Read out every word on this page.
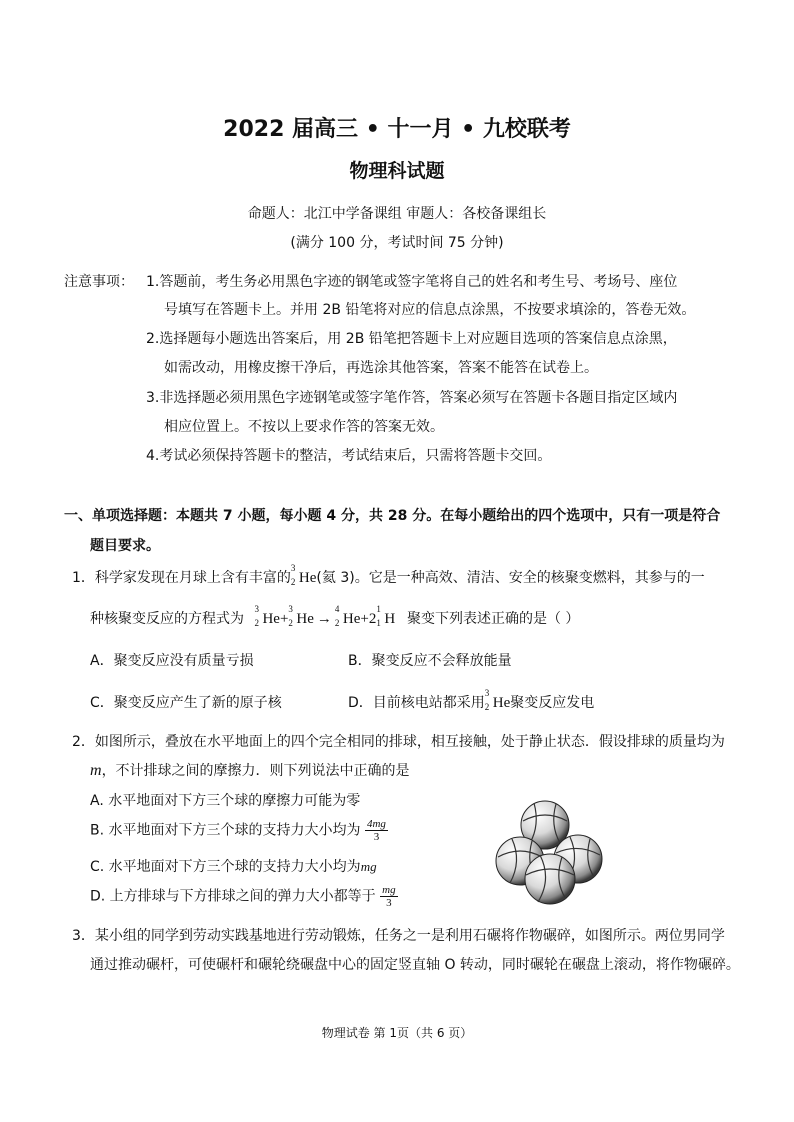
2022 届高三 • 十一月 • 九校联考
物理科试题
命题人：北江中学备课组 审题人：各校备课组长
(满分 100 分，考试时间 75 分钟)
注意事项： 1.答题前，考生务必用黑色字迹的钢笔或签字笔将自己的姓名和考生号、考场号、座位
号填写在答题卡上。并用 2B 铅笔将对应的信息点涂黑，不按要求填涂的，答卷无效。
2.选择题每小题选出答案后，用 2B 铅笔把答题卡上对应题目选项的答案信息点涂黑，
如需改动，用橡皮擦干净后，再选涂其他答案，答案不能答在试卷上。
3.非选择题必须用黑色字迹钢笔或签字笔作答，答案必须写在答题卡各题目指定区域内
相应位置上。不按以上要求作答的答案无效。
4.考试必须保持答题卡的整洁，考试结束后，只需将答题卡交回。
一、单项选择题：本题共 7 小题，每小题 4 分，共 28 分。在每小题给出的四个选项中，只有一项是符合
题目要求。
1．科学家发现在月球上含有丰富的
3
2 He(氦 3)。它是一种高效、清洁、安全的核聚变燃料，其参与的一
种核聚变反应的方程式为
3
2 He+
3
2 He →
4
2 He+2
1
1 H 聚变下列表述正确的是（ ）
A．聚变反应没有质量亏损	B．聚变反应不会释放能量
C．聚变反应产生了新的原子核	D．目前核电站都采用
3
2 He聚变反应发电
2．如图所示，叠放在水平地面上的四个完全相同的排球，相互接触，处于静止状态．假设排球的质量均为
m，不计排球之间的摩擦力．则下列说法中正确的是
A. 水平地面对下方三个球的摩擦力可能为零
B. 水平地面对下方三个球的支持力大小均为 $\frac{4mg}{3}$
C. 水平地面对下方三个球的支持力大小均为mg
D. 上方排球与下方排球之间的弹力大小都等于 $\frac{mg}{3}$
3．某小组的同学到劳动实践基地进行劳动锻炼，任务之一是利用石碾将作物碾碎，如图所示。两位男同学
通过推动碾杆，可使碾杆和碾轮绕碾盘中心的固定竖直轴 O 转动，同时碾轮在碾盘上滚动，将作物碾碎。
物理试卷 第 1页（共 6 页）
